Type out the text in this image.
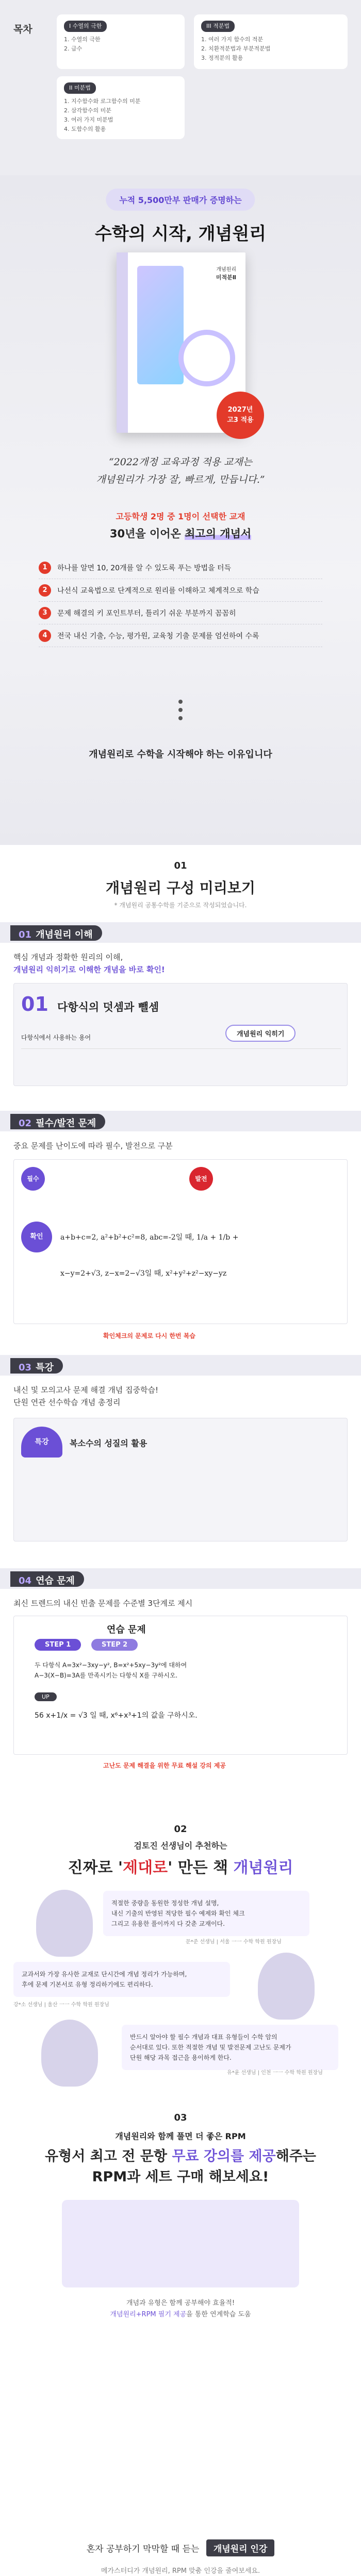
목차	I 수열의 극한
1. 수열의 극한
2. 급수
III 적분법
1. 여러 가지 함수의 적분
2. 치환적분법과 부분적분법
3. 정적분의 활용
II 미분법
1. 지수함수와 로그함수의 미분
2. 삼각함수의 미분
3. 여러 가지 미분법
4. 도함수의 활용
누적 5,500만부 판매가 증명하는
수학의 시작, 개념원리
개념원리
미적분Ⅱ
2027년
고3 적용
“2022개정 교육과정 적용 교재는
개념원리가 가장 잘, 빠르게, 만듭니다.”
고등학생 2명 중 1명이 선택한 교재
30년을 이어온 최고의 개념서
1	하나를 알면 10, 20개를 알 수 있도록 푸는 방법을 터득
2	나선식 교육법으로 단계적으로 원리를 이해하고 체계적으로 학습
3	문제 해결의 키 포인트부터, 틀리기 쉬운 부분까지 꼼꼼히
4	전국 내신 기출, 수능, 평가원, 교육청 기출 문제를 엄선하여 수록
개념원리로 수학을 시작해야 하는 이유입니다
01
개념원리 구성 미리보기
* 개념원리 공통수학를 기준으로 작성되었습니다.
01 개념원리 이해
핵심 개념과 정확한 원리의 이해,
개념원리 익히기로 이해한 개념을 바로 확인!
01 다항식의 덧셈과 뺄셈
다항식에서 사용하는 용어	개념원리 익히기
02 필수/발전 문제
중요 문제를 난이도에 따라 필수, 발전으로 구분
필수	발전
확인	a+b+c=2, a²+b²+c²=8, abc=-2일 때, 1/a + 1/b +
x−y=2+√3, z−x=2−√3일 때, x²+y²+z²−xy−yz
확인체크의 문제로 다시 한번 복습
03 특강
내신 및 모의고사 문제 해결 개념 집중학습!
단원 연관 선수학습 개념 총정리
특강	복소수의 성질의 활용
04 연습 문제
최신 트렌드의 내신 빈출 문제를 수준별 3단계로 제시
연습 문제
STEP 1	STEP 2
두 다항식 A=3x²−3xy−y², B=x²+5xy−3y²에 대하여
A−3(X−B)=3A를 만족시키는 다항식 X를 구하시오.
UP
56 x+1/x = √3 일 때, x⁶+x³+1의 값을 구하시오.
고난도 문제 해결을 위한 무료 해설 강의 제공
02
검토진 선생님이 추천하는
진짜로 '제대로' 만든 책 개념원리
적절한 중량을 동원한 정성한 개념 설명,
내신 기출의 반영된 적당한 필수 예제와 확인 체크
그리고 유용한 풀이까지 다 갖춘 교재이다.
문*준 선생님 | 서울 一一 수학 학원 원장님
교과서와 가장 유사한 교재로 단시간에 개념 정리가 가능하며,
후에 문제 기본서로 유형 정리하기에도 편리하다.
강*소 선생님 | 울산 一一 수학 학원 원장님
반드시 알아야 할 필수 개념과 대표 유형들이 수학 암의
순서대로 있다. 또한 적절한 개념 및 발전문제 고난도 문제가
단원 해당 과목 접근을 용이하게 한다.
유*윤 선생님 | 인천 一一 수학 학원 원장님
03
개념원리와 함께 풀면 더 좋은 RPM
유형서 최고 전 문항 무료 강의를 제공해주는
RPM과 세트 구매 해보세요!
개념과 유형은 함께 공부해야 효율적!
개념원리+RPM 필기 제공을 통한 연계학습 도움
혼자 공부하기 막막할 때 듣는 개념원리 인강
메가스터디가 개념원리, RPM 맞춤 인강을 줄여보세요.
